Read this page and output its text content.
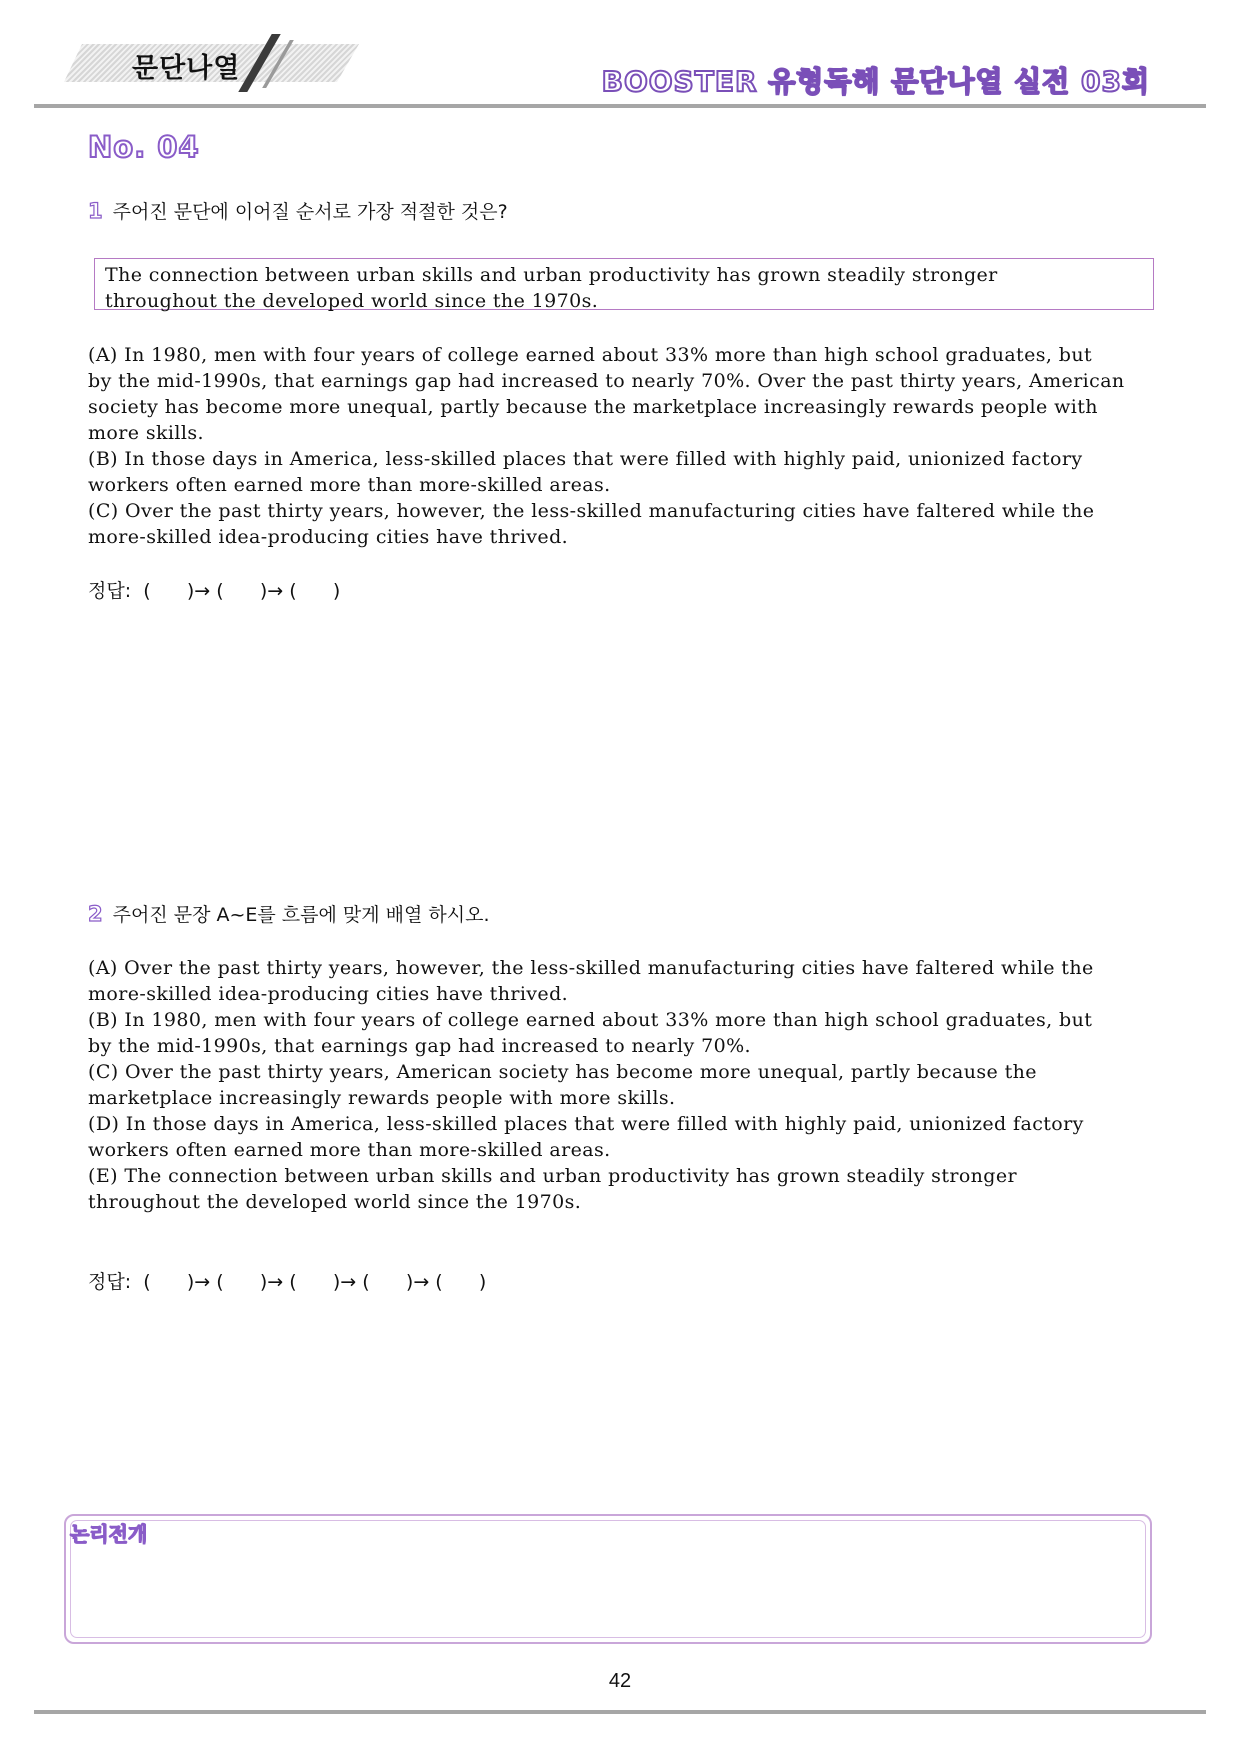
문단나열	BOOSTER 유형독해 문단나열 실전 03회
No. 04
1 주어진 문단에 이어질 순서로 가장 적절한 것은?
The connection between urban skills and urban productivity has grown steadily stronger
throughout the developed world since the 1970s.
(A) In 1980, men with four years of college earned about 33% more than high school graduates, but
by the mid-1990s, that earnings gap had increased to nearly 70%. Over the past thirty years, American
society has become more unequal, partly because the marketplace increasingly rewards people with
more skills.
(B) In those days in America, less-skilled places that were filled with highly paid, unionized factory
workers often earned more than more-skilled areas.
(C) Over the past thirty years, however, the less-skilled manufacturing cities have faltered while the
more-skilled idea-producing cities have thrived.
정답:  (      )→ (      )→ (      )
2 주어진 문장 A~E를 흐름에 맞게 배열 하시오.
(A) Over the past thirty years, however, the less-skilled manufacturing cities have faltered while the
more-skilled idea-producing cities have thrived.
(B) In 1980, men with four years of college earned about 33% more than high school graduates, but
by the mid-1990s, that earnings gap had increased to nearly 70%.
(C) Over the past thirty years, American society has become more unequal, partly because the
marketplace increasingly rewards people with more skills.
(D) In those days in America, less-skilled places that were filled with highly paid, unionized factory
workers often earned more than more-skilled areas.
(E) The connection between urban skills and urban productivity has grown steadily stronger
throughout the developed world since the 1970s.
정답:  (      )→ (      )→ (      )→ (      )→ (      )
논리전개
42
